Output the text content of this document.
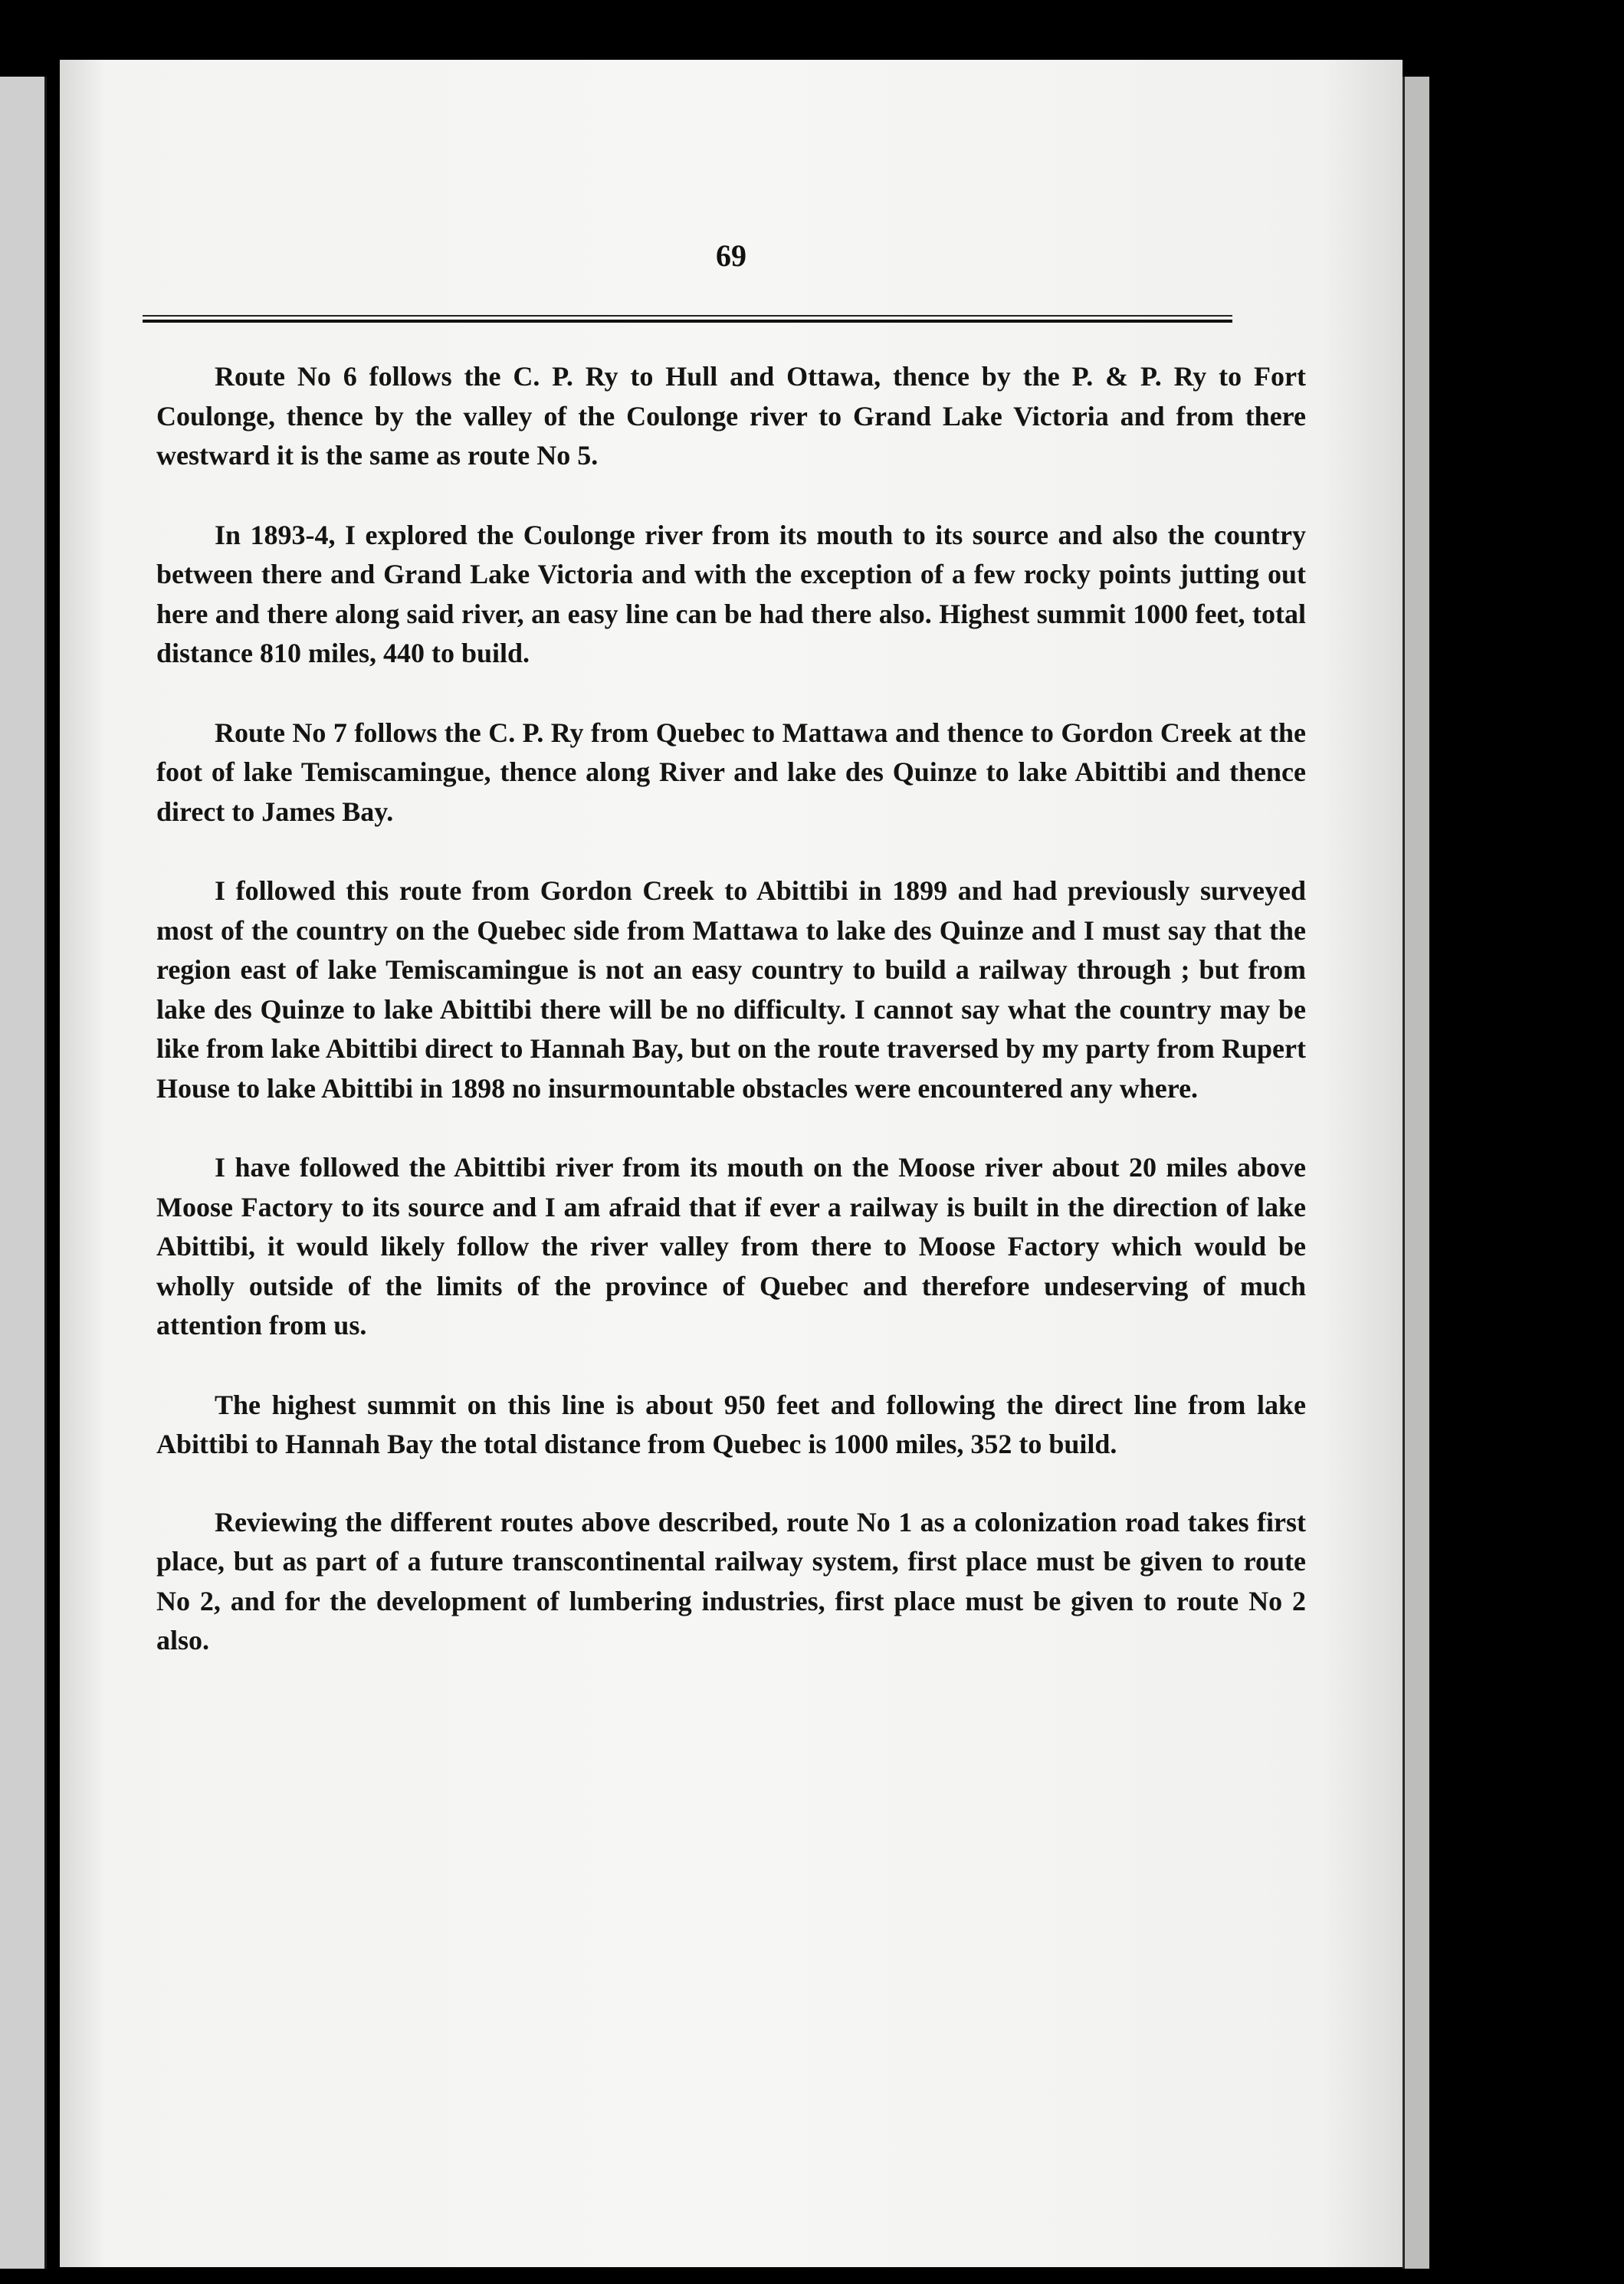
69

Route No 6 follows the C. P. Ry to Hull and Ottawa, thence by the P. & P. Ry to Fort Coulonge, thence by the valley of the Coulonge river to Grand Lake Victoria and from there westward it is the same as route No 5.

In 1893-4, I explored the Coulonge river from its mouth to its source and also the country between there and Grand Lake Victoria and with the exception of a few rocky points jutting out here and there along said river, an easy line can be had there also. Highest summit 1000 feet, total distance 810 miles, 440 to build.

Route No 7 follows the C. P. Ry from Quebec to Mattawa and thence to Gordon Creek at the foot of lake Temiscamingue, thence along River and lake des Quinze to lake Abittibi and thence direct to James Bay.

I followed this route from Gordon Creek to Abittibi in 1899 and had previously surveyed most of the country on the Quebec side from Mattawa to lake des Quinze and I must say that the region east of lake Temiscamingue is not an easy country to build a railway through ; but from lake des Quinze to lake Abittibi there will be no difficulty. I cannot say what the country may be like from lake Abittibi direct to Hannah Bay, but on the route traversed by my party from Rupert House to lake Abittibi in 1898 no insurmountable obstacles were encountered any where.

I have followed the Abittibi river from its mouth on the Moose river about 20 miles above Moose Factory to its source and I am afraid that if ever a railway is built in the direction of lake Abittibi, it would likely follow the river valley from there to Moose Factory which would be wholly outside of the limits of the province of Quebec and therefore undeserving of much attention from us.

The highest summit on this line is about 950 feet and following the direct line from lake Abittibi to Hannah Bay the total distance from Quebec is 1000 miles, 352 to build.

Reviewing the different routes above described, route No 1 as a colonization road takes first place, but as part of a future transcontinental railway system, first place must be given to route No 2, and for the development of lumbering industries, first place must be given to route No 2 also.
